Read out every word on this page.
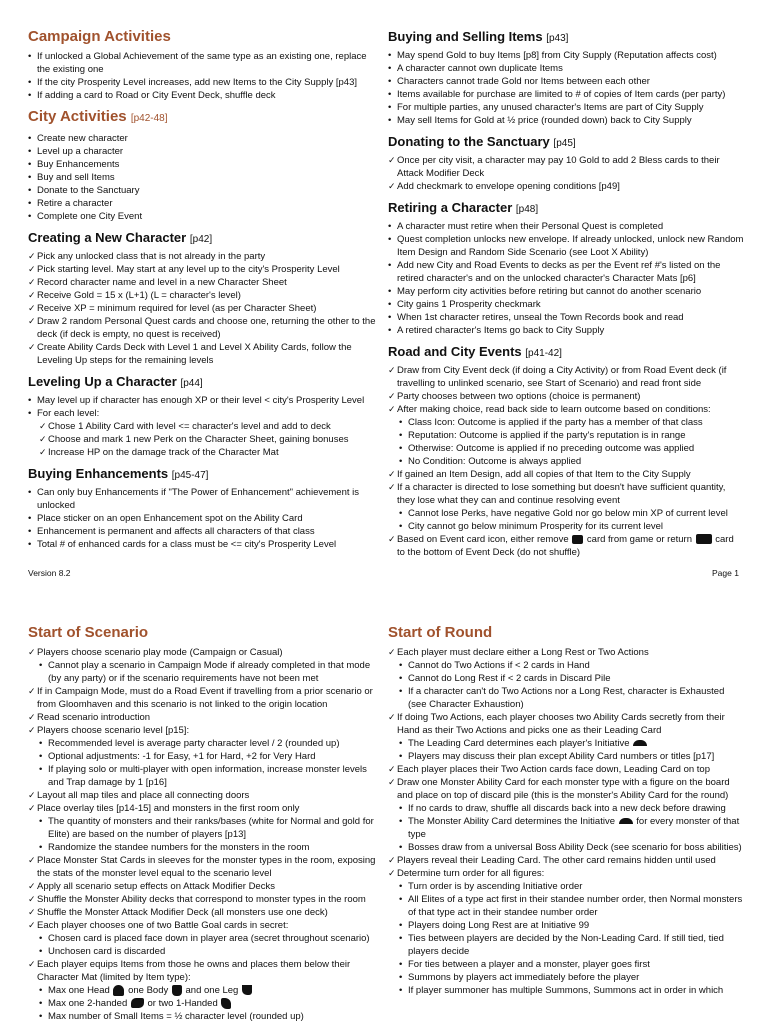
Campaign Activities
• If unlocked a Global Achievement of the same type as an existing one, replace the existing one
• If the city Prosperity Level increases, add new Items to the City Supply [p43]
• If adding a card to Road or City Event Deck, shuffle deck
City Activities [p42-48]
• Create new character
• Level up a character
• Buy Enhancements
• Buy and sell Items
• Donate to the Sanctuary
• Retire a character
• Complete one City Event
Creating a New Character [p42]
✓ Pick any unlocked class that is not already in the party
✓ Pick starting level. May start at any level up to the city's Prosperity Level
✓ Record character name and level in a new Character Sheet
✓ Receive Gold = 15 x (L+1) (L = character's level)
✓ Receive XP = minimum required for level (as per Character Sheet)
✓ Draw 2 random Personal Quest cards and choose one, returning the other to the deck (if deck is empty, no quest is received)
✓ Create Ability Cards Deck with Level 1 and Level X Ability Cards, follow the Leveling Up steps for the remaining levels
Leveling Up a Character [p44]
• May level up if character has enough XP or their level < city's Prosperity Level
• For each level:
✓ Chose 1 Ability Card with level <= character's level and add to deck
✓ Choose and mark 1 new Perk on the Character Sheet, gaining bonuses
✓ Increase HP on the damage track of the Character Mat
Buying Enhancements [p45-47]
• Can only buy Enhancements if "The Power of Enhancement" achievement is unlocked
• Place sticker on an open Enhancement spot on the Ability Card
• Enhancement is permanent and affects all characters of that class
• Total # of enhanced cards for a class must be <= city's Prosperity Level
Buying and Selling Items [p43]
• May spend Gold to buy Items [p8] from City Supply (Reputation affects cost)
• A character cannot own duplicate Items
• Characters cannot trade Gold nor Items between each other
• Items available for purchase are limited to # of copies of Item cards (per party)
• For multiple parties, any unused character's Items are part of City Supply
• May sell Items for Gold at ½ price (rounded down) back to City Supply
Donating to the Sanctuary [p45]
✓ Once per city visit, a character may pay 10 Gold to add 2 Bless cards to their Attack Modifier Deck
✓ Add checkmark to envelope opening conditions [p49]
Retiring a Character [p48]
• A character must retire when their Personal Quest is completed
• Quest completion unlocks new envelope. If already unlocked, unlock new Random Item Design and Random Side Scenario (see Loot X Ability)
• Add new City and Road Events to decks as per the Event ref #'s listed on the retired character's and on the unlocked character's Character Mats [p6]
• May perform city activities before retiring but cannot do another scenario
• City gains 1 Prosperity checkmark
• When 1st character retires, unseal the Town Records book and read
• A retired character's Items go back to City Supply
Road and City Events [p41-42]
✓ Draw from City Event deck (if doing a City Activity) or from Road Event deck (if travelling to unlinked scenario, see Start of Scenario) and read front side
✓ Party chooses between two options (choice is permanent)
✓ After making choice, read back side to learn outcome based on conditions:
• Class Icon: Outcome is applied if the party has a member of that class
• Reputation: Outcome is applied if the party's reputation is in range
• Otherwise: Outcome is applied if no preceding outcome was applied
• No Condition: Outcome is always applied
✓ If gained an Item Design, add all copies of that Item to the City Supply
✓ If a character is directed to lose something but doesn't have sufficient quantity, they lose what they can and continue resolving event
• Cannot lose Perks, have negative Gold nor go below min XP of current level
• City cannot go below minimum Prosperity for its current level
✓ Based on Event card icon, either remove card from game or return card to the bottom of Event Deck (do not shuffle)
Version 8.2	Page 1
Start of Scenario
✓ Players choose scenario play mode (Campaign or Casual)
• Cannot play a scenario in Campaign Mode if already completed in that mode (by any party) or if the scenario requirements have not been met
✓ If in Campaign Mode, must do a Road Event if travelling from a prior scenario or from Gloomhaven and this scenario is not linked to the origin location
✓ Read scenario introduction
✓ Players choose scenario level [p15]:
• Recommended level is average party character level / 2 (rounded up)
• Optional adjustments: -1 for Easy, +1 for Hard, +2 for Very Hard
• If playing solo or multi-player with open information, increase monster levels and Trap damage by 1 [p16]
✓ Layout all map tiles and place all connecting doors
✓ Place overlay tiles [p14-15] and monsters in the first room only
• The quantity of monsters and their ranks/bases (white for Normal and gold for Elite) are based on the number of players [p13]
• Randomize the standee numbers for the monsters in the room
✓ Place Monster Stat Cards in sleeves for the monster types in the room, exposing the stats of the monster level equal to the scenario level
✓ Apply all scenario setup effects on Attack Modifier Decks
✓ Shuffle the Monster Ability decks that correspond to monster types in the room
✓ Shuffle the Monster Attack Modifier Deck (all monsters use one deck)
✓ Each player chooses one of two Battle Goal cards in secret:
• Chosen card is placed face down in player area (secret throughout scenario)
• Unchosen card is discarded
✓ Each player equips Items from those he owns and places them below their Character Mat (limited by Item type):
• Max one Head one Body and one Leg
• Max one 2-handed or two 1-Handed
• Max number of Small Items = ½ character level (rounded up)
Start of Round
✓ Each player must declare either a Long Rest or Two Actions
• Cannot do Two Actions if < 2 cards in Hand
• Cannot do Long Rest if < 2 cards in Discard Pile
• If a character can't do Two Actions nor a Long Rest, character is Exhausted (see Character Exhaustion)
✓ If doing Two Actions, each player chooses two Ability Cards secretly from their Hand as their Two Actions and picks one as their Leading Card
• The Leading Card determines each player's Initiative
• Players may discuss their plan except Ability Card numbers or titles [p17]
✓ Each player places their Two Action cards face down, Leading Card on top
✓ Draw one Monster Ability Card for each monster type with a figure on the board and place on top of discard pile (this is the monster's Ability Card for the round)
• If no cards to draw, shuffle all discards back into a new deck before drawing
• The Monster Ability Card determines the Initiative for every monster of that type
• Bosses draw from a universal Boss Ability Deck (see scenario for boss abilities)
✓ Players reveal their Leading Card. The other card remains hidden until used
✓ Determine turn order for all figures:
• Turn order is by ascending Initiative order
• All Elites of a type act first in their standee number order, then Normal monsters of that type act in their standee number order
• Players doing Long Rest are at Initiative 99
• Ties between players are decided by the Non-Leading Card. If still tied, tied players decide
• For ties between a player and a monster, player goes first
• Summons by players act immediately before the player
• If player summoner has multiple Summons, Summons act in order in which
